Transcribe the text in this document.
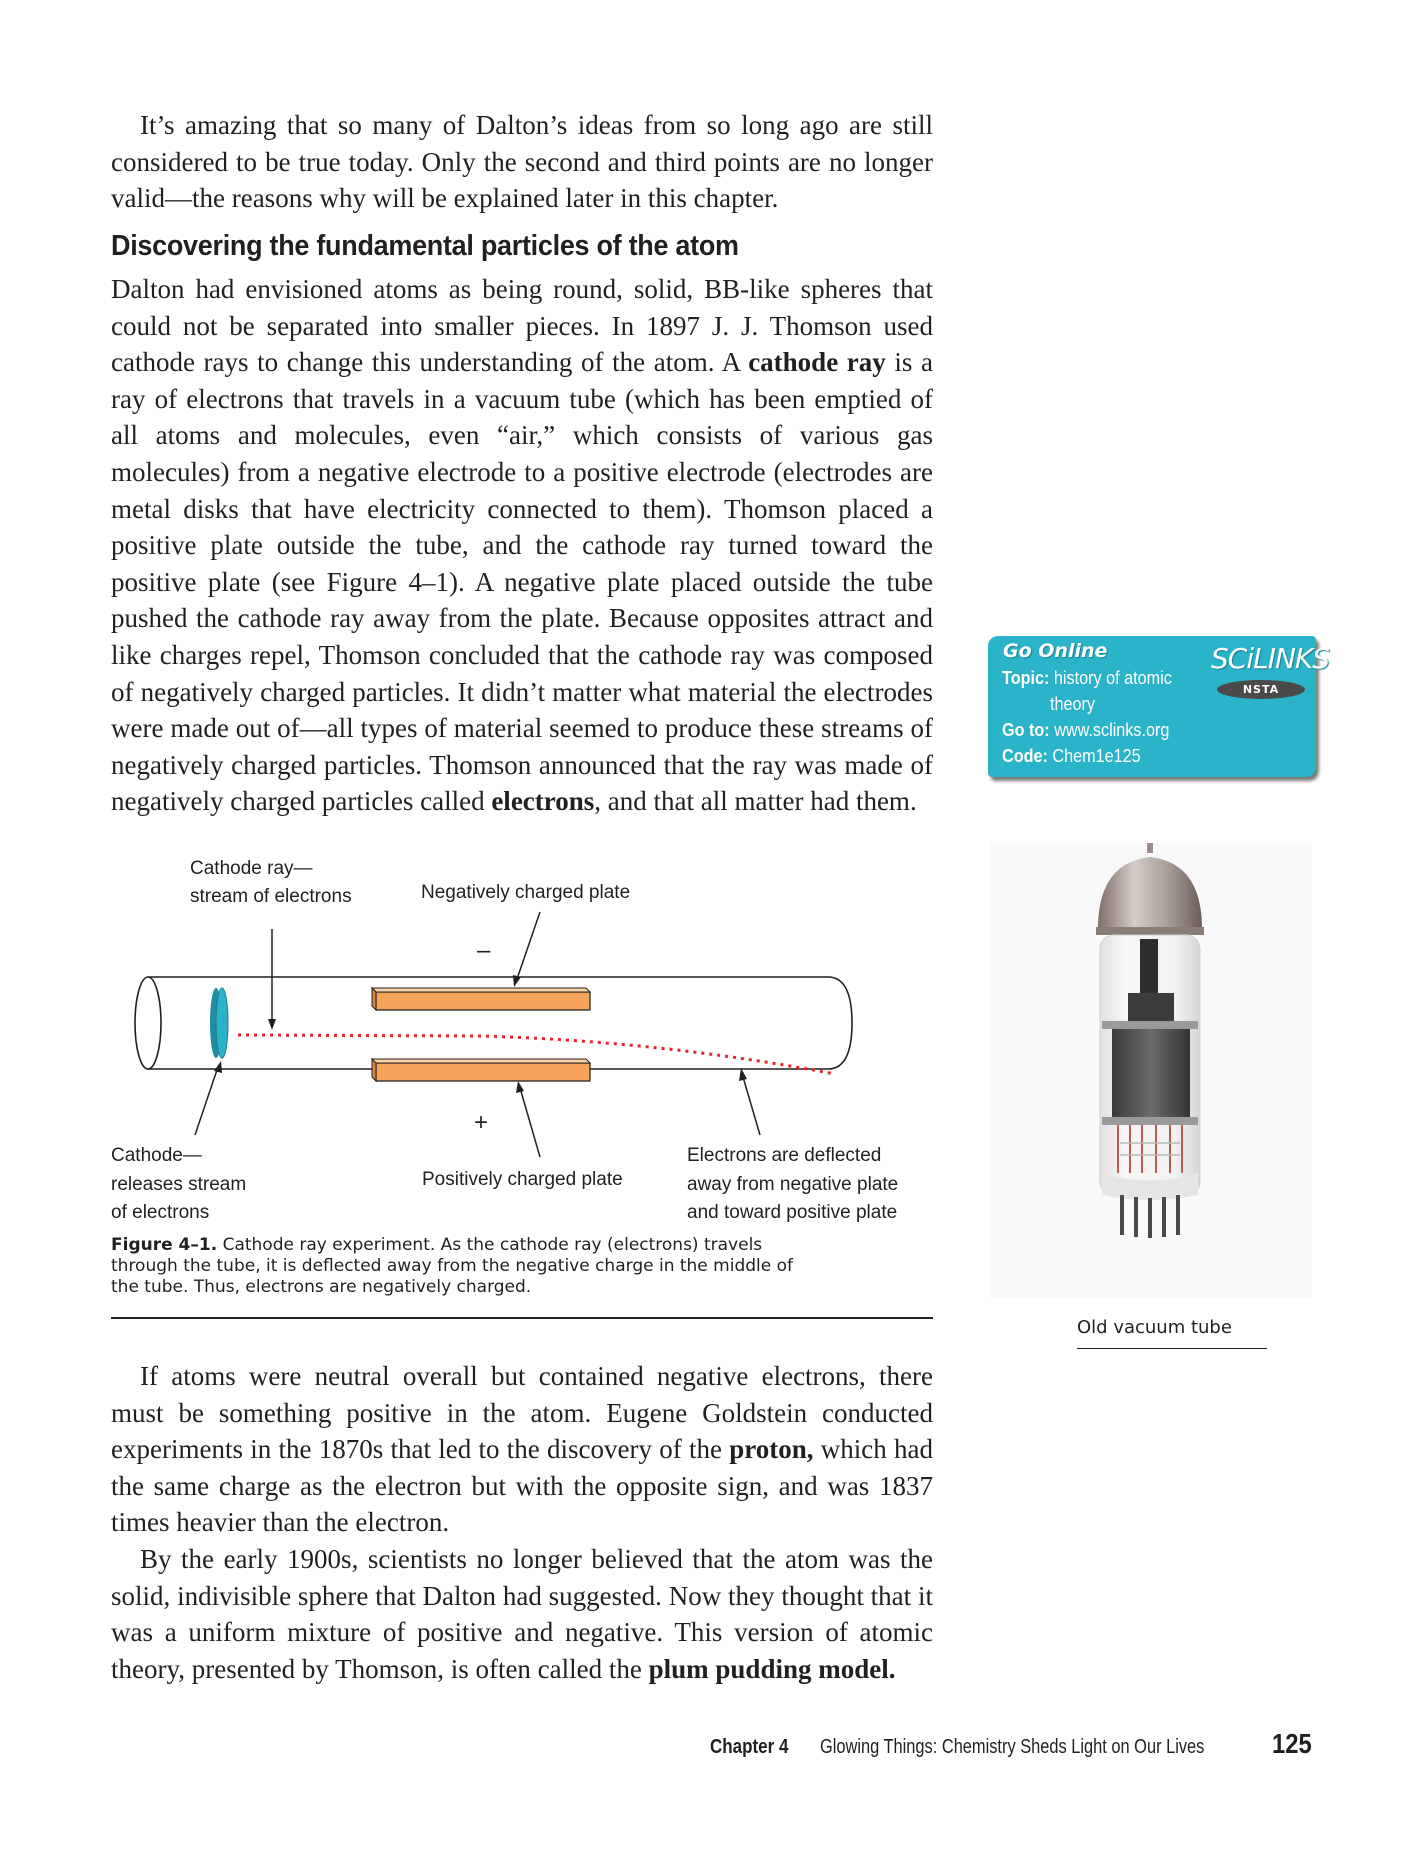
It’s amazing that so many of Dalton’s ideas from so long ago are still considered to be true today. Only the second and third points are no longer valid—the reasons why will be explained later in this chapter.

Discovering the fundamental particles of the atom

Dalton had envisioned atoms as being round, solid, BB-like spheres that could not be separated into smaller pieces. In 1897 J. J. Thomson used cathode rays to change this understanding of the atom. A cathode ray is a ray of electrons that travels in a vacuum tube (which has been emptied of all atoms and molecules, even “air,” which consists of various gas molecules) from a negative electrode to a positive electrode (electrodes are metal disks that have electricity connected to them). Thomson placed a positive plate outside the tube, and the cathode ray turned toward the positive plate (see Figure 4–1). A negative plate placed outside the tube pushed the cathode ray away from the plate. Because opposites attract and like charges repel, Thomson concluded that the cathode ray was composed of negatively charged particles. It didn’t matter what material the electrodes were made out of—all types of material seemed to produce these streams of negatively charged particles. Thomson announced that the ray was made of negatively charged particles called electrons, and that all matter had them.

Cathode ray—
stream of electrons	Negatively charged plate
–
+
Cathode—
releases stream
of electrons
Positively charged plate
Electrons are deflected
away from negative plate
and toward positive plate
Figure 4–1. Cathode ray experiment. As the cathode ray (electrons) travels through the tube, it is deflected away from the negative charge in the middle of the tube. Thus, electrons are negatively charged.
Go Online
Topic: history of atomic
theory
Go to: www.sclinks.org
Code: Chem1e125
SCiLINKS
NSTA
Old vacuum tube

If atoms were neutral overall but contained negative electrons, there must be something positive in the atom. Eugene Goldstein conducted experiments in the 1870s that led to the discovery of the proton, which had the same charge as the electron but with the opposite sign, and was 1837 times heavier than the electron.

By the early 1900s, scientists no longer believed that the atom was the solid, indivisible sphere that Dalton had suggested. Now they thought that it was a uniform mixture of positive and negative. This version of atomic theory, presented by Thomson, is often called the plum pudding model.

Chapter 4 Glowing Things: Chemistry Sheds Light on Our Lives 125
